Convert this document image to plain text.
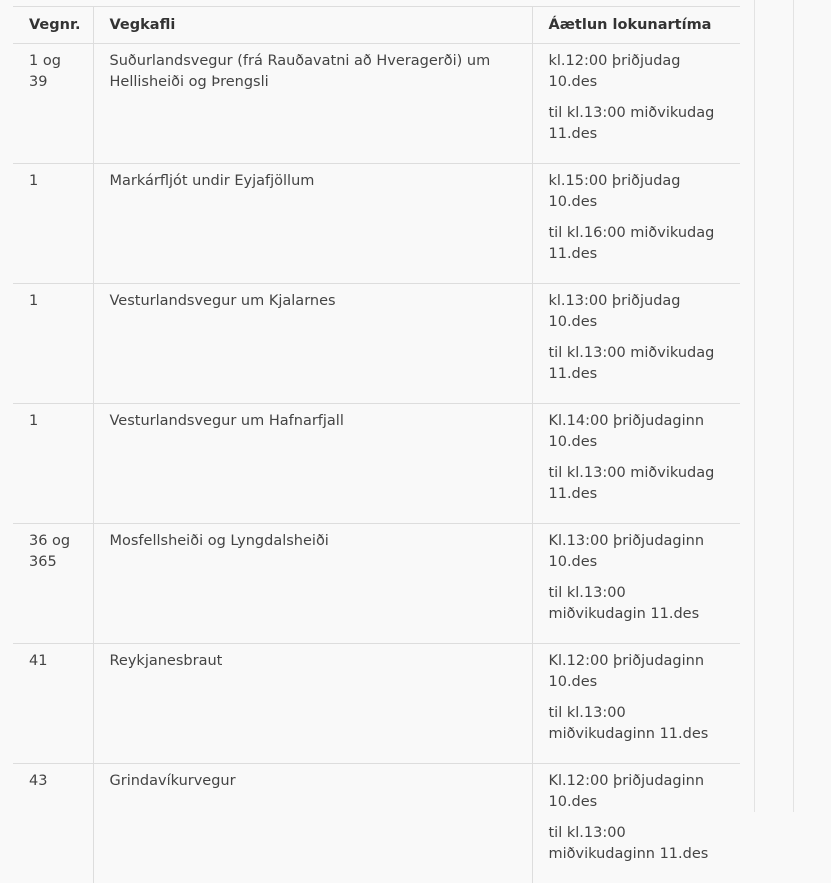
Vegnr.	Vegkafli	Áætlun lokunartíma
1 og 39	Suðurlandsvegur (frá Rauðavatni að Hveragerði) um Hellisheiði og Þrengsli	kl.12:00 þriðjudag 10.des
til kl.13:00 miðvikudag 11.des

1	Markárfljót undir Eyjafjöllum	kl.15:00 þriðjudag 10.des
til kl.16:00 miðvikudag 11.des

1	Vesturlandsvegur um Kjalarnes	kl.13:00 þriðjudag 10.des
til kl.13:00 miðvikudag 11.des

1	Vesturlandsvegur um Hafnarfjall	Kl.14:00 þriðjudaginn 10.des
til kl.13:00 miðvikudag 11.des

36 og 365	Mosfellsheiði og Lyngdalsheiði	Kl.13:00 þriðjudaginn 10.des
til kl.13:00 miðvikudagin 11.des

41	Reykjanesbraut	Kl.12:00 þriðjudaginn 10.des
til kl.13:00 miðvikudaginn 11.des

43	Grindavíkurvegur	Kl.12:00 þriðjudaginn 10.des
til kl.13:00 miðvikudaginn 11.des
